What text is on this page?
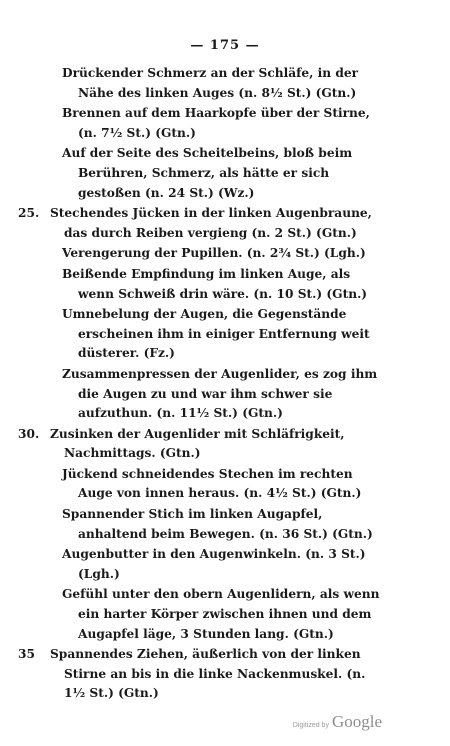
— 175 —
Drückender Schmerz an der Schläfe, in der Nähe des linken Auges (n. 8½ St.) (Gtn.)
Brennen auf dem Haarkopfe über der Stirne, (n. 7½ St.) (Gtn.)
Auf der Seite des Scheitelbeins, bloß beim Berühren, Schmerz, als hätte er sich gestoßen (n. 24 St.) (Wz.)
25. Stechendes Jücken in der linken Augenbraune, das durch Reiben vergieng (n. 2 St.) (Gtn.)
Verengerung der Pupillen. (n. 2¾ St.) (Lgh.)
Beißende Empfindung im linken Auge, als wenn Schweiß drin wäre. (n. 10 St.) (Gtn.)
Umnebelung der Augen, die Gegenstände erscheinen ihm in einiger Entfernung weit düsterer. (Fz.)
Zusammenpressen der Augenlider, es zog ihm die Augen zu und war ihm schwer sie aufzuthun. (n. 11½ St.) (Gtn.)
30. Zusinken der Augenlider mit Schläfrigkeit, Nachmittags. (Gtn.)
Jückend schneidendes Stechen im rechten Auge von innen heraus. (n. 4½ St.) (Gtn.)
Spannender Stich im linken Augapfel, anhaltend beim Bewegen. (n. 36 St.) (Gtn.)
Augenbutter in den Augenwinkeln. (n. 3 St.) (Lgh.)
Gefühl unter den obern Augenlidern, als wenn ein harter Körper zwischen ihnen und dem Augapfel läge, 3 Stunden lang. (Gtn.)
35 Spannendes Ziehen, äußerlich von der linken Stirne an bis in die linke Nackenmuskel. (n. 1½ St.) (Gtn.)
Digitized by Google
